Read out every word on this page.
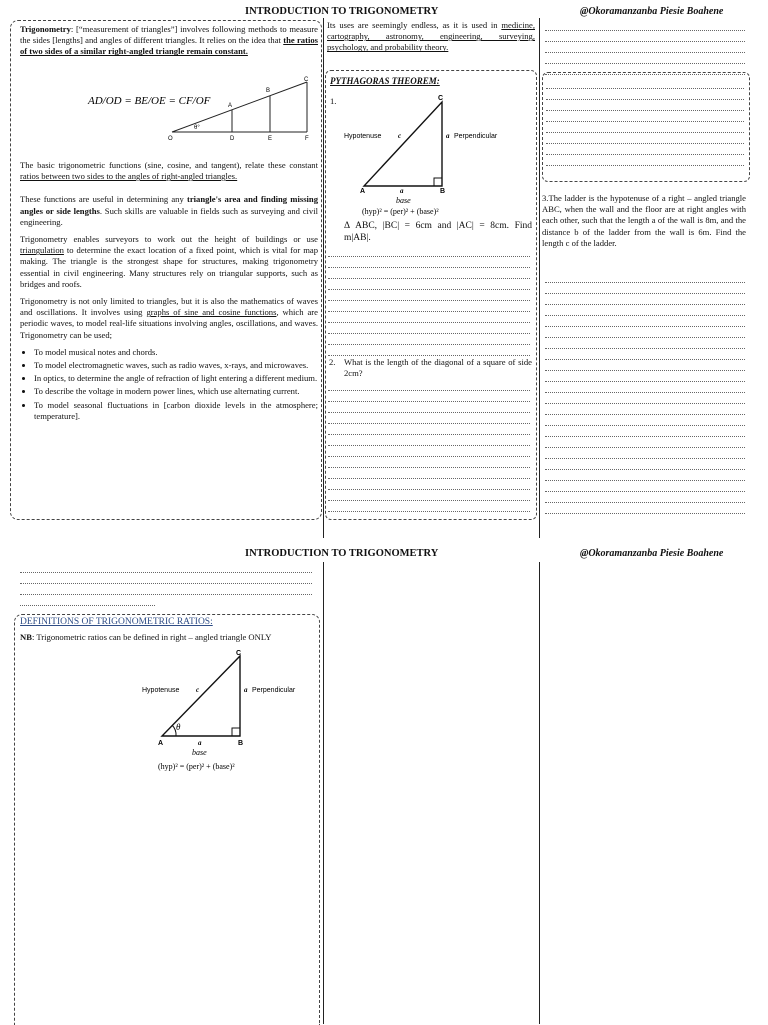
INTRODUCTION TO TRIGONOMETRY	@Okoramanzanba Piesie Boahene
Trigonometry: [“measurement of triangles”] involves following methods to measure the sides [lengths] and angles of different triangles. It relies on the idea that the ratios of two sides of a similar right-angled triangle remain constant.
AD/OD = BE/OE = CF/OF
O	D	E	F
A
B
C
θ°

The basic trigonometric functions (sine, cosine, and tangent), relate these constant ratios between two sides to the angles of right-angled triangles.

These functions are useful in determining any triangle's area and finding missing angles or side lengths. Such skills are valuable in fields such as surveying and civil engineering.

Trigonometry enables surveyors to work out the height of buildings or use triangulation to determine the exact location of a fixed point, which is vital for map making. The triangle is the strongest shape for structures, making trigonometry essential in civil engineering. Many structures rely on triangular supports, such as bridges and roofs.

Trigonometry is not only limited to triangles, but it is also the mathematics of waves and oscillations. It involves using graphs of sine and cosine functions, which are periodic waves, to model real-life situations involving angles, oscillations, and waves. Trigonometry can be used;

• To model musical notes and chords.
• To model electromagnetic waves, such as radio waves, x-rays, and microwaves.
• In optics, to determine the angle of refraction of light entering a different medium.
• To describe the voltage in modern power lines, which use alternating current.
• To model seasonal fluctuations in [carbon dioxide levels in the atmosphere; temperature].
Its uses are seemingly endless, as it is used in medicine, cartography, astronomy, engineering, surveying, psychology, and probability theory.
PYTHAGORAS THEOREM:
1.	C
A	B
Hypotenuse c	a Perpendicular
a
base
(hyp)² = (per)² + (base)²
Δ ABC, |BC| = 6cm and |AC| = 8cm. Find m|AB|.
2. What is the length of the diagonal of a square of side 2cm?
3.The ladder is the hypotenuse of a right – angled triangle ABC, when the wall and the floor are at right angles with each other, such that the length a of the wall is 8m, and the distance b of the ladder from the wall is 6m. Find the length c of the ladder.
INTRODUCTION TO TRIGONOMETRY	@Okoramanzanba Piesie Boahene
DEFINITIONS OF TRIGONOMETRIC RATIOS:
NB: Trigonometric ratios can be defined in right – angled triangle ONLY
θ
C
A	B
Hypotenuse c	a Perpendicular
a
base
(hyp)² = (per)² + (base)²
